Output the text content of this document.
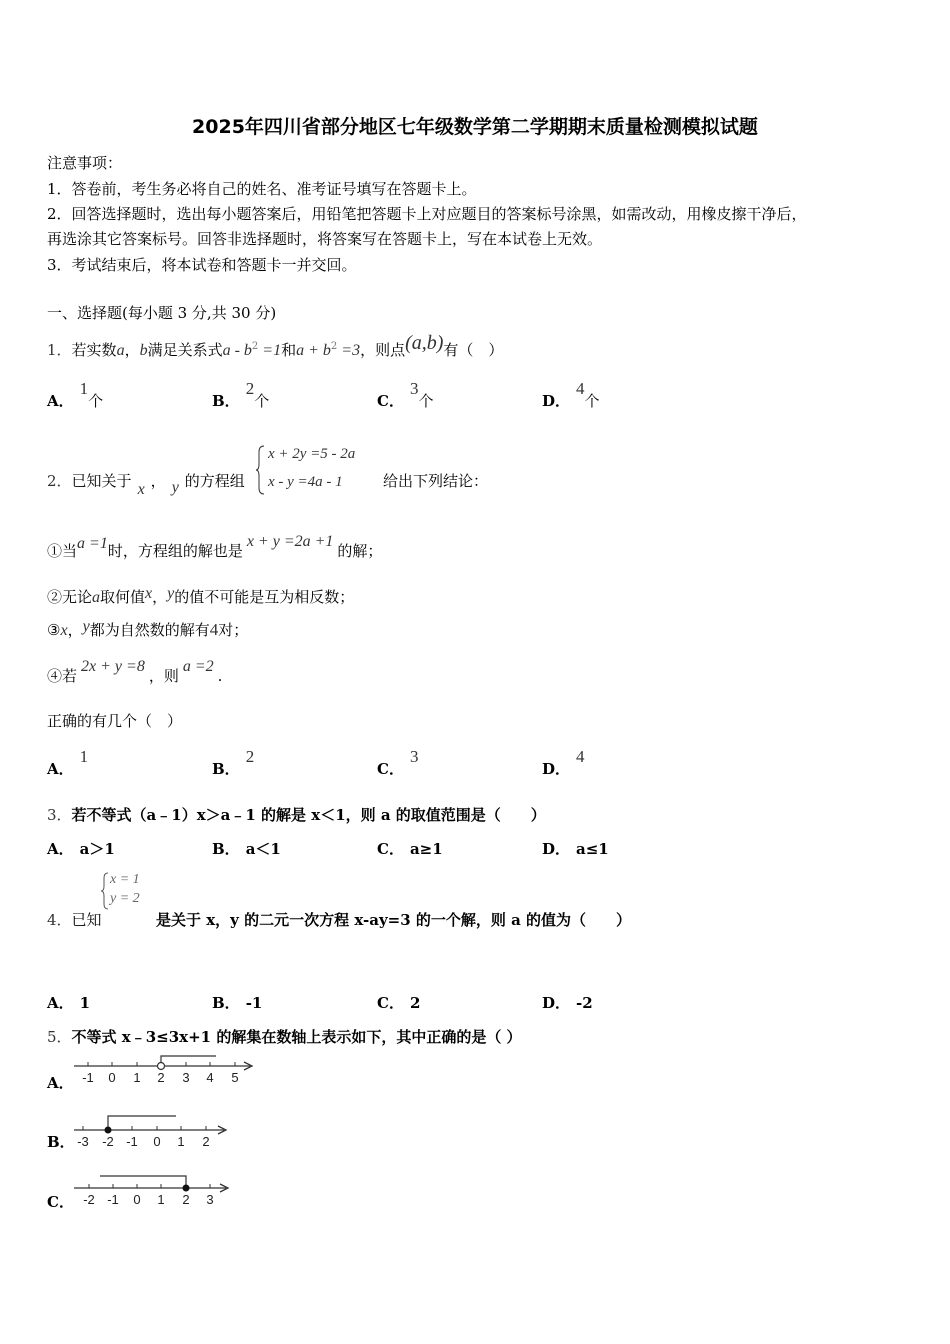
2025年四川省部分地区七年级数学第二学期期末质量检测模拟试题
注意事项：
1．答卷前，考生务必将自己的姓名、准考证号填写在答题卡上。
2．回答选择题时，选出每小题答案后，用铅笔把答题卡上对应题目的答案标号涂黑，如需改动，用橡皮擦干净后，
再选涂其它答案标号。回答非选择题时，将答案写在答题卡上，写在本试卷上无效。
3．考试结束后，将本试卷和答题卡一并交回。
一、选择题(每小题 3 分,共 30 分)
1．若实数a，b满足关系式$a - b^2 =1$和$a + b^2 =3$，则点(a,b)有（　）
A．1个	B．2个	C．3个	D．4个
2．已知关于 x ， y 的方程组
x + 2y =5 - 2a
x - y =4a - 1	给出下列结论：
①当a =1时，方程组的解也是x + y =2a +1的解；
②无论a取何值x，y的值不可能是互为相反数；
③x，y都为自然数的解有4对；
④若2x + y =8，则a =2.
正确的有几个（　）
A．1
B．2
C．3
D．4
3．若不等式（a﹣1）x＞a﹣1 的解是 x＜1，则 a 的取值范围是（　　）
A． a＞1	B． a＜1	C． a≥1	D． a≤1
4．已知
x = 1
y = 2
是关于 x，y 的二元一次方程 x-ay=3 的一个解，则 a 的值为（　　）
A． 1	B． -1	C． 2	D． -2
5．不等式 x﹣3≤3x+1 的解集在数轴上表示如下，其中正确的是（ ）
A． -1 0 1 2 3 4 5
B． -3 -2 -1 0 1 2
C． -2 -1 0 1 2 3
